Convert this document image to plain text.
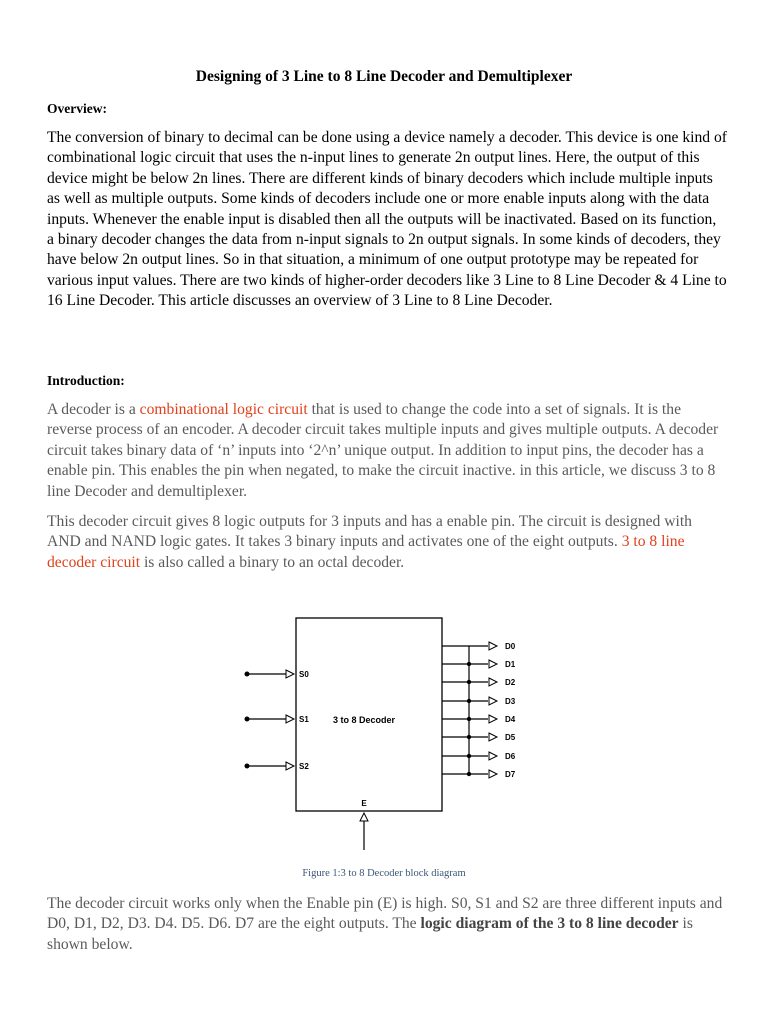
Designing of 3 Line to 8 Line Decoder and Demultiplexer
Overview:

The conversion of binary to decimal can be done using a device namely a decoder. This device is one kind of combinational logic circuit that uses the n-input lines to generate 2n output lines. Here, the output of this device might be below 2n lines. There are different kinds of binary decoders which include multiple inputs as well as multiple outputs. Some kinds of decoders include one or more enable inputs along with the data inputs. Whenever the enable input is disabled then all the outputs will be inactivated. Based on its function, a binary decoder changes the data from n-input signals to 2n output signals. In some kinds of decoders, they have below 2n output lines. So in that situation, a minimum of one output prototype may be repeated for various input values. There are two kinds of higher-order decoders like 3 Line to 8 Line Decoder & 4 Line to 16 Line Decoder. This article discusses an overview of 3 Line to 8 Line Decoder.

Introduction:

A decoder is a combinational logic circuit that is used to change the code into a set of signals. It is the reverse process of an encoder. A decoder circuit takes multiple inputs and gives multiple outputs. A decoder circuit takes binary data of ‘n’ inputs into ‘2^n’ unique output. In addition to input pins, the decoder has a enable pin. This enables the pin when negated, to make the circuit inactive. in this article, we discuss 3 to 8 line Decoder and demultiplexer.

This decoder circuit gives 8 logic outputs for 3 inputs and has a enable pin. The circuit is designed with AND and NAND logic gates. It takes 3 binary inputs and activates one of the eight outputs. 3 to 8 line decoder circuit is also called a binary to an octal decoder.

3 to 8 Decoder
S0
S1
S2
D0
D1
D2
D3
D4
D5
D6
D7
E
Figure 1:3 to 8 Decoder block diagram

The decoder circuit works only when the Enable pin (E) is high. S0, S1 and S2 are three different inputs and D0, D1, D2, D3. D4. D5. D6. D7 are the eight outputs. The logic diagram of the 3 to 8 line decoder is shown below.
